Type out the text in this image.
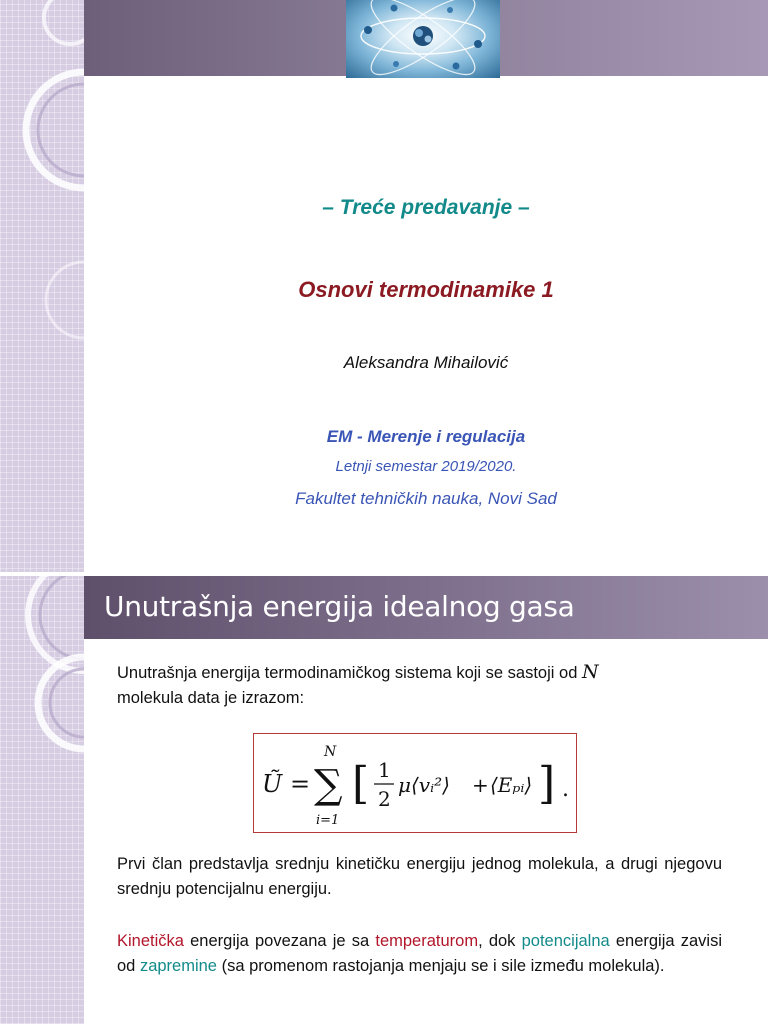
– Treće predavanje –
Osnovi termodinamike 1
Aleksandra Mihailović
EM - Merenje i regulacija
Letnji semestar 2019/2020.
Fakultet tehničkih nauka, Novi Sad
Unutrašnja energija idealnog gasa
Unutrašnja energija termodinamičkog sistema koji se sastoji od N
molekula data je izrazom:
Ũ =
N
∑
i=1
[ 1
2
μ⟨vᵢ²⟩ + ⟨Eₚᵢ⟩ ] .
Prvi član predstavlja srednju kinetičku energiju jednog molekula, a drugi njegovu srednju potencijalnu energiju.
Kinetička energija povezana je sa temperaturom, dok potencijalna energija zavisi od zapremine (sa promenom rastojanja menjaju se i sile između molekula).
